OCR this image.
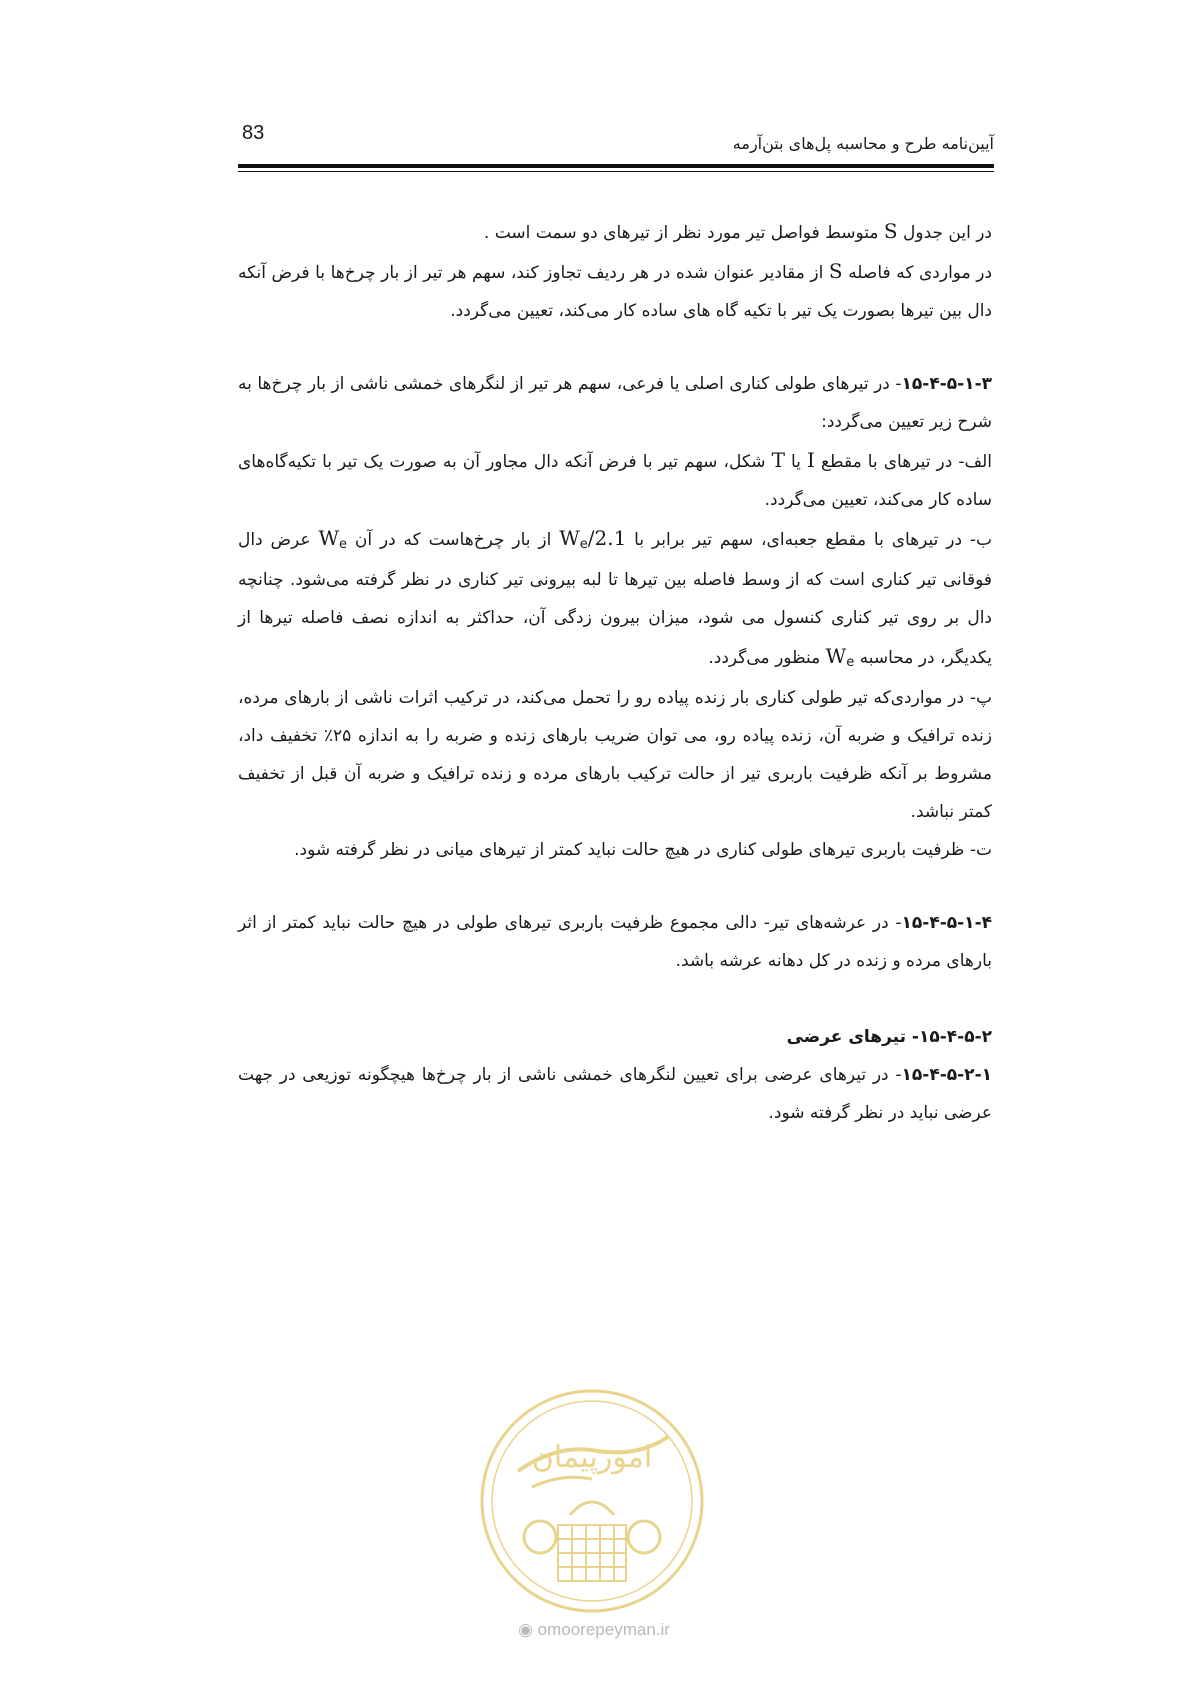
آیین‌نامه طرح و محاسبه پل‌های بتن‌آرمه
83

در این جدول S متوسط فواصل تیر مورد نظر از تیرهای دو سمت است .

در مواردی که فاصله S از مقادیر عنوان شده در هر ردیف تجاوز کند، سهم هر تیر از بار چرخ‌ها با فرض آنکه دال بین تیرها بصورت یک تیر با تکیه گاه های ساده کار می‌کند، تعیین می‌گردد.

۱۵-۴-۵-۱-۳- در تیرهای طولی کناری اصلی یا فرعی، سهم هر تیر از لنگرهای خمشی ناشی از بار چرخ‌ها به شرح زیر تعیین می‌گردد:

الف- در تیرهای با مقطع I یا T شکل، سهم تیر با فرض آنکه دال مجاور آن به صورت یک تیر با تکیه‌گاه‌های ساده کار می‌کند، تعیین می‌گردد.

ب- در تیرهای با مقطع جعبه‌ای، سهم تیر برابر با We/2.1 از بار چرخ‌هاست که در آن We عرض دال فوقانی تیر کناری است که از وسط فاصله بین تیرها تا لبه بیرونی تیر کناری در نظر گرفته می‌شود. چنانچه دال بر روی تیر کناری کنسول می شود، میزان بیرون زدگی آن، حداکثر به اندازه نصف فاصله تیرها از یکدیگر، در محاسبه We منظور می‌گردد.

پ- در مواردی‌که تیر طولی کناری بار زنده پیاده رو را تحمل می‌کند، در ترکیب اثرات ناشی از بارهای مرده، زنده ترافیک و ضربه آن، زنده پیاده رو، می توان ضریب بارهای زنده و ضربه را به اندازه ۲۵٪ تخفیف داد، مشروط بر آنکه ظرفیت باربری تیر از حالت ترکیب بارهای مرده و زنده ترافیک و ضربه آن قبل از تخفیف کمتر نباشد.

ت- ظرفیت باربری تیرهای طولی کناری در هیچ حالت نباید کمتر از تیرهای میانی در نظر گرفته شود.

۱۵-۴-۵-۱-۴- در عرشه‌های تیر- دالی مجموع ظرفیت باربری تیرهای طولی در هیچ حالت نباید کمتر از اثر بارهای مرده و زنده در کل دهانه عرشه باشد.

۱۵-۴-۵-۲- تیرهای عرضی

۱۵-۴-۵-۲-۱- در تیرهای عرضی برای تعیین لنگرهای خمشی ناشی از بار چرخ‌ها هیچگونه توزیعی در جهت عرضی نباید در نظر گرفته شود.

امورپیمان
◉ omoorepeyman.ir
